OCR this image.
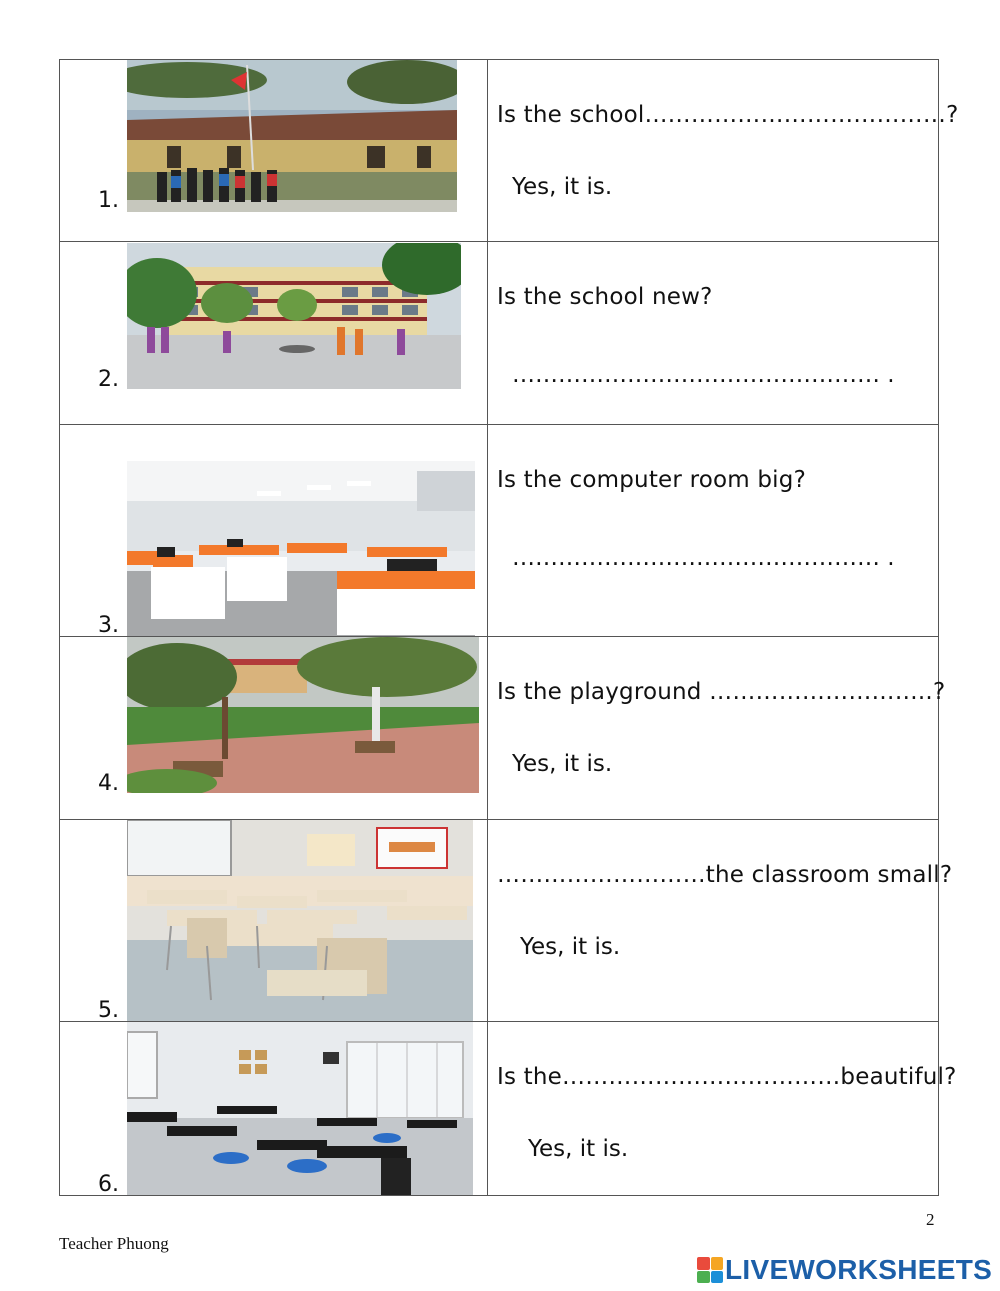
1.
Is the school…………………………………?
Yes, it is.
2.
Is the school new?
………………………………………… .
3.
Is the computer room big?
………………………………………… .
4.
Is the playground ………………………..?
Yes, it is.
5.
………………………the classroom small?
Yes, it is.
6.
Is the………………………………beautiful?
Yes, it is.
2
Teacher Phuong
LIVEWORKSHEETS
